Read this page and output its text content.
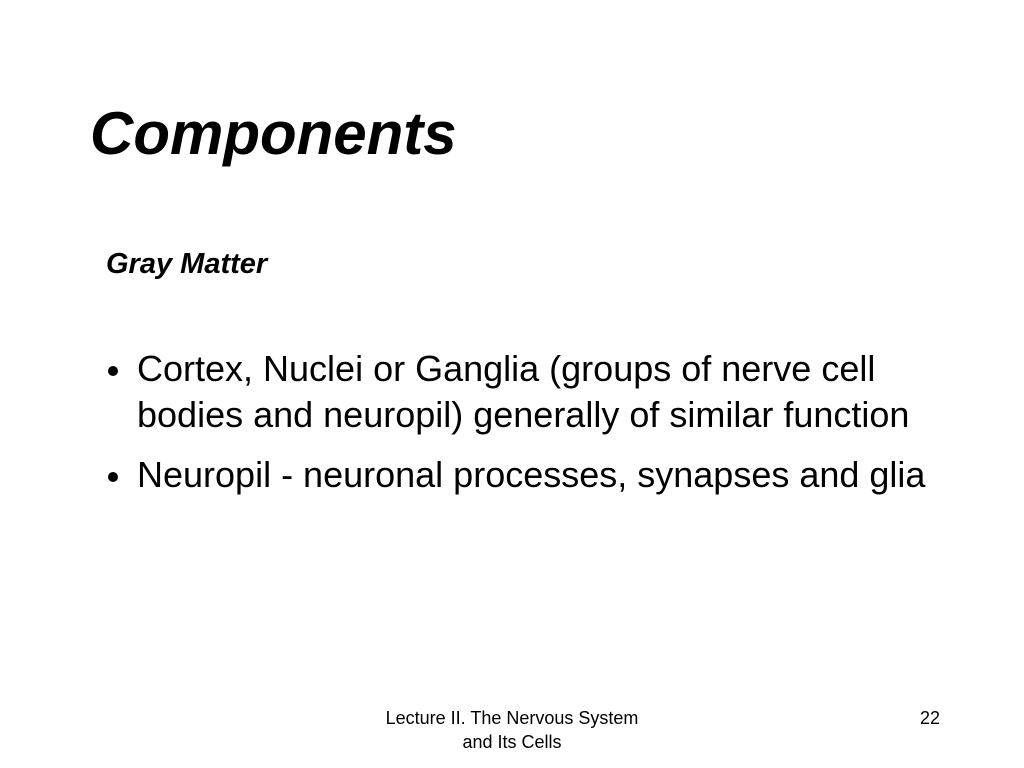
Components
Gray Matter
Cortex, Nuclei or Ganglia (groups of nerve cell bodies and neuropil) generally of similar function
Neuropil - neuronal processes, synapses and glia
Lecture II. The Nervous System
and Its Cells
22
